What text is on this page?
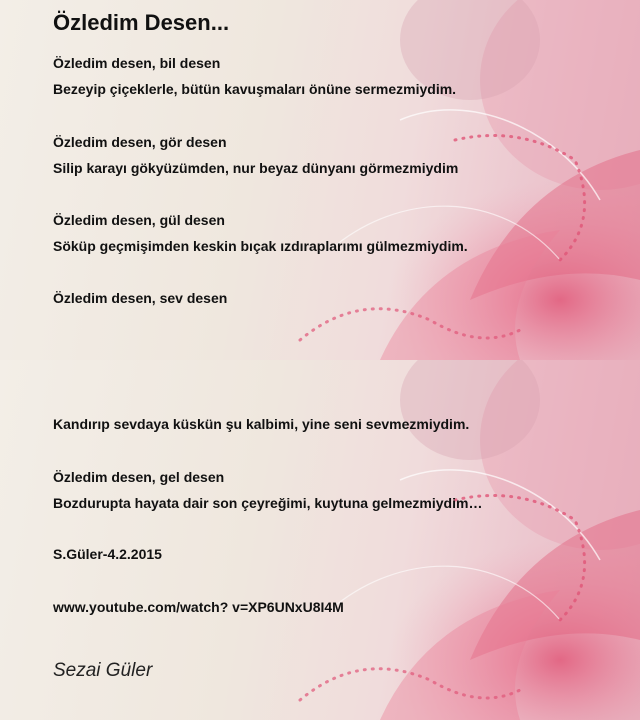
Özledim Desen...
Özledim desen, bil desen
Bezeyip çiçeklerle, bütün kavuşmaları önüne sermezmiydim.
Özledim desen, gör desen
Silip karayı gökyüzümden, nur beyaz dünyanı görmezmiydim
Özledim desen, gül desen
Söküp geçmişimden keskin bıçak ızdıraplarımı gülmezmiydim.
Özledim desen, sev desen
Kandırıp sevdaya küskün şu kalbimi, yine seni sevmezmiydim.
Özledim desen, gel desen
Bozdurupta hayata dair son çeyreğimi, kuytuna gelmezmiydim…
S.Güler-4.2.2015
www.youtube.com/watch? v=XP6UNxU8I4M
Sezai Güler
